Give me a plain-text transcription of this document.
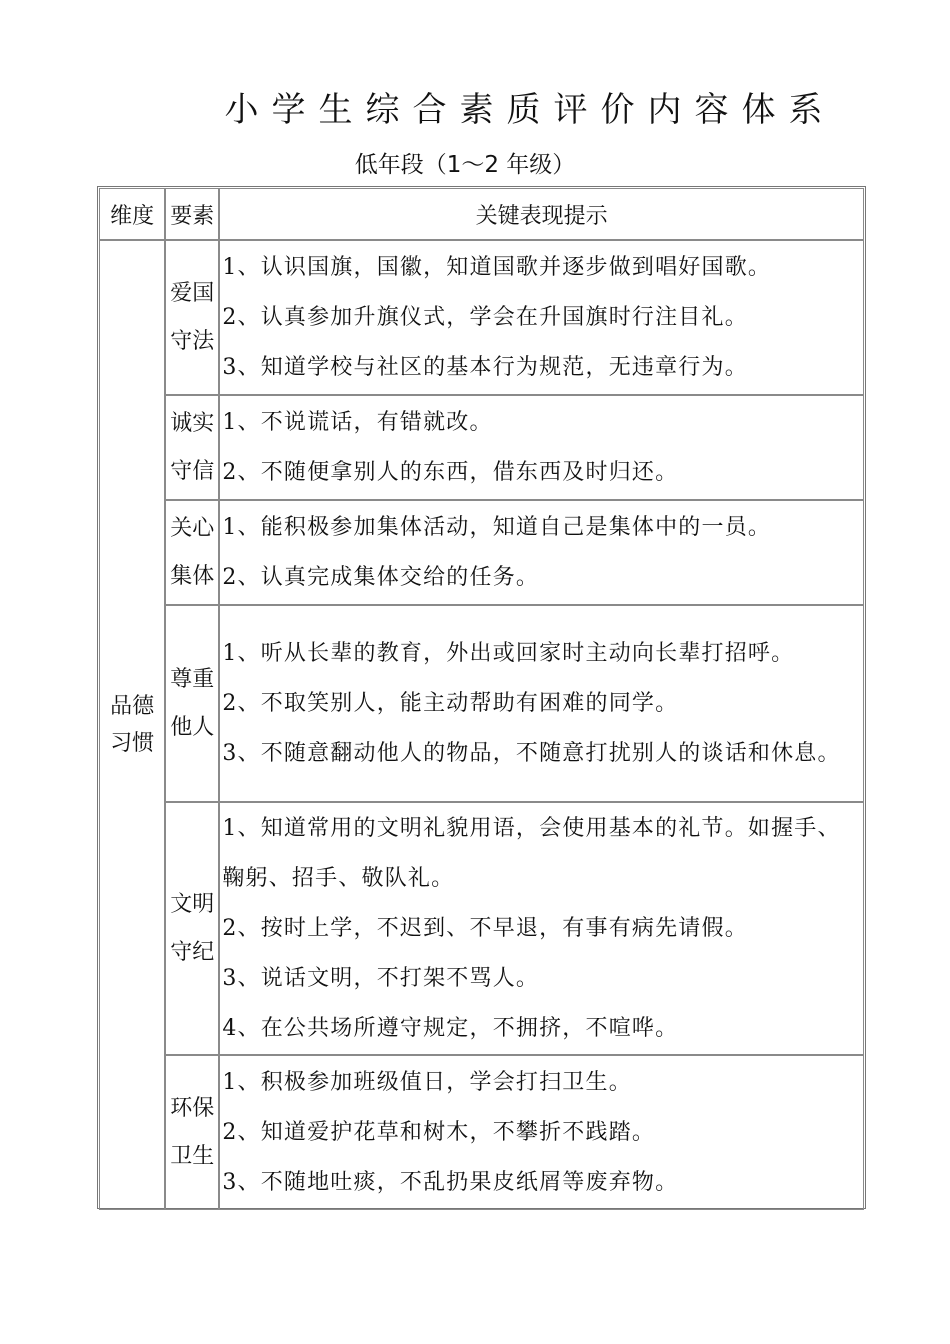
小学生综合素质评价内容体系
低年段（1～2 年级）
维度	要素	关键表现提示

品德习惯	爱国守法	1、认识国旗，国徽，知道国歌并逐步做到唱好国歌。
2、认真参加升旗仪式，学会在升国旗时行注目礼。
3、知道学校与社区的基本行为规范，无违章行为。

	诚实守信	1、不说谎话，有错就改。
2、不随便拿别人的东西，借东西及时归还。

	关心集体	1、能积极参加集体活动，知道自己是集体中的一员。
2、认真完成集体交给的任务。

	尊重他人	1、听从长辈的教育，外出或回家时主动向长辈打招呼。
2、不取笑别人，能主动帮助有困难的同学。
3、不随意翻动他人的物品，不随意打扰别人的谈话和休息。

	文明守纪	1、知道常用的文明礼貌用语，会使用基本的礼节。如握手、鞠躬、招手、敬队礼。
2、按时上学，不迟到、不早退，有事有病先请假。
3、说话文明，不打架不骂人。
4、在公共场所遵守规定，不拥挤，不喧哗。

	环保卫生	1、积极参加班级值日，学会打扫卫生。
2、知道爱护花草和树木，不攀折不践踏。
3、不随地吐痰，不乱扔果皮纸屑等废弃物。
